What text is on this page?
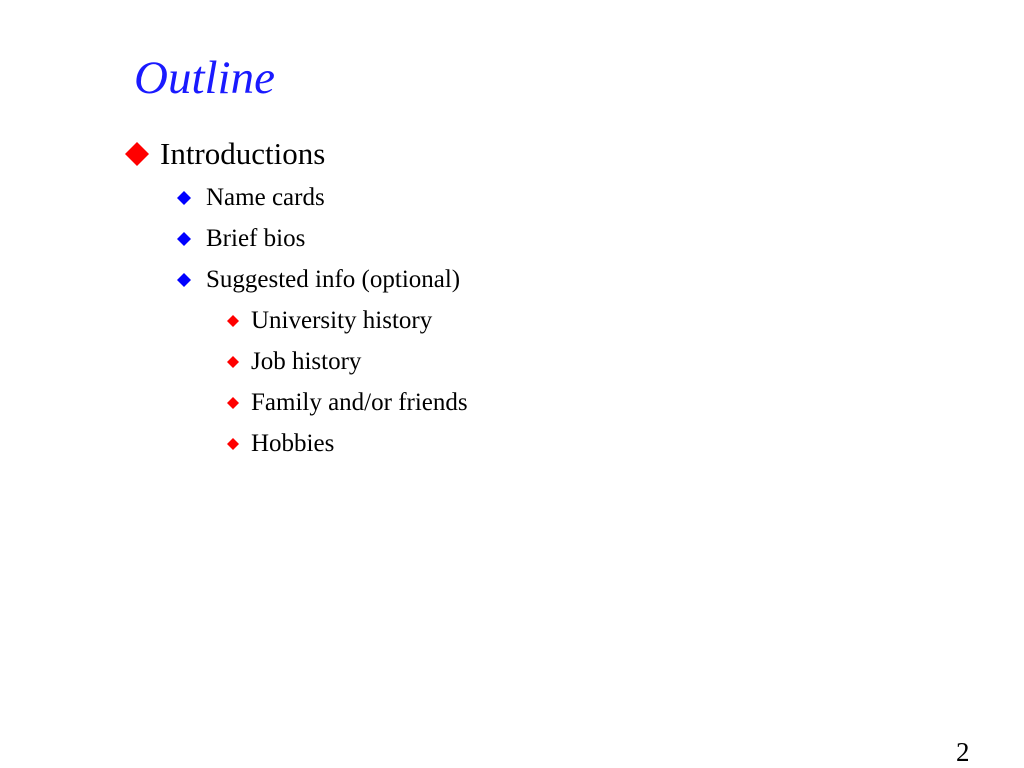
Outline
Introductions
Name cards
Brief bios
Suggested info (optional)
University history
Job history
Family and/or friends
Hobbies
2
